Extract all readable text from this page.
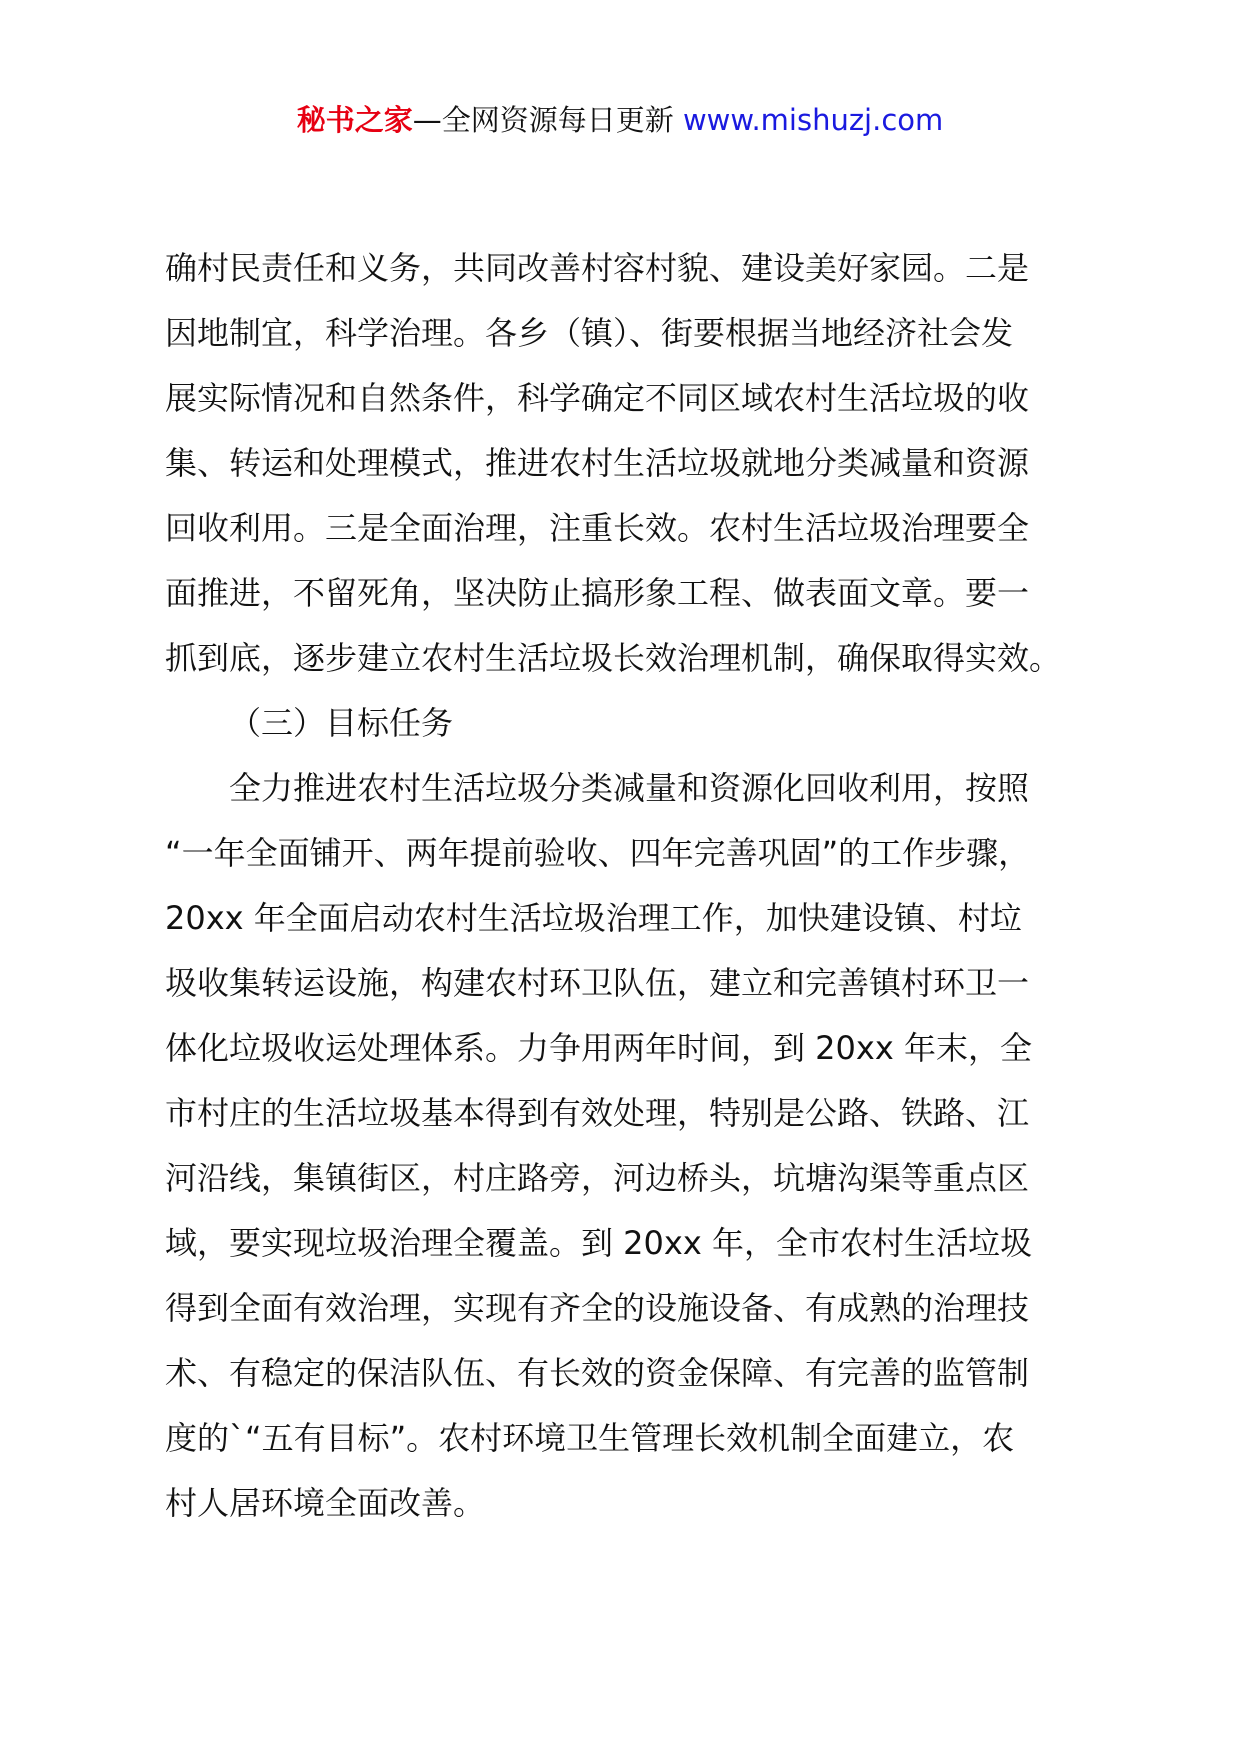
秘书之家—全网资源每日更新 www.mishuzj.com
确村民责任和义务，共同改善村容村貌、建设美好家园。二是
因地制宜，科学治理。各乡（镇）、街要根据当地经济社会发
展实际情况和自然条件，科学确定不同区域农村生活垃圾的收
集、转运和处理模式，推进农村生活垃圾就地分类减量和资源
回收利用。三是全面治理，注重长效。农村生活垃圾治理要全
面推进，不留死角，坚决防止搞形象工程、做表面文章。要一
抓到底，逐步建立农村生活垃圾长效治理机制，确保取得实效。
（三）目标任务
全力推进农村生活垃圾分类减量和资源化回收利用，按照
“一年全面铺开、两年提前验收、四年完善巩固”的工作步骤，
20xx 年全面启动农村生活垃圾治理工作，加快建设镇、村垃
圾收集转运设施，构建农村环卫队伍，建立和完善镇村环卫一
体化垃圾收运处理体系。力争用两年时间，到 20xx 年末，全
市村庄的生活垃圾基本得到有效处理，特别是公路、铁路、江
河沿线，集镇街区，村庄路旁，河边桥头，坑塘沟渠等重点区
域，要实现垃圾治理全覆盖。到 20xx 年，全市农村生活垃圾
得到全面有效治理，实现有齐全的设施设备、有成熟的治理技
术、有稳定的保洁队伍、有长效的资金保障、有完善的监管制
度的`“五有目标”。农村环境卫生管理长效机制全面建立，农
村人居环境全面改善。
